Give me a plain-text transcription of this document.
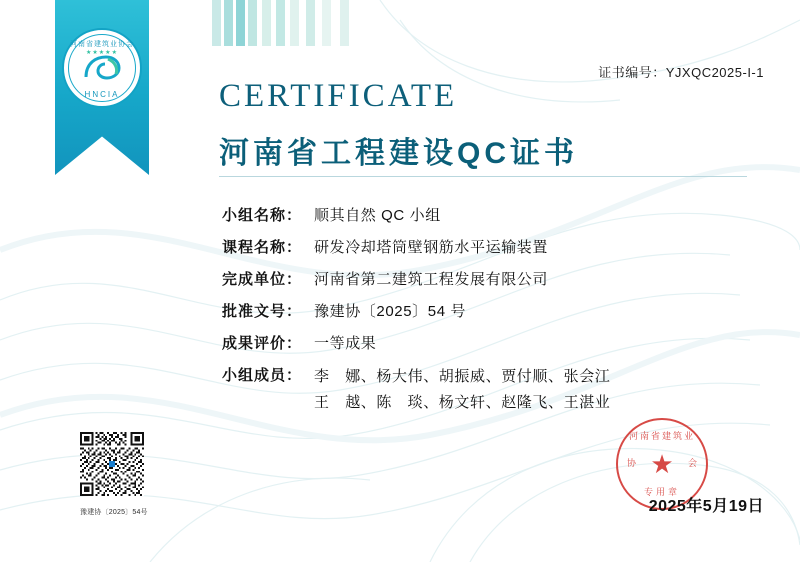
证书编号：YJXQC2025-I-1
河南省建筑业协会
★★★★★
HNCIA	CERTIFICATE
河南省工程建设QC证书
小组名称： 顺其自然 QC 小组
课程名称： 研发冷却塔筒壁钢筋水平运输装置
完成单位： 河南省第二建筑工程发展有限公司
批准文号： 豫建协〔2025〕54 号
成果评价： 一等成果
小组成员： 李　娜、杨大伟、胡振威、贾付顺、张会江
王　越、陈　琰、杨文轩、赵隆飞、王湛业
豫建协〔2025〕54号
河南省建筑业
协	会
★
专用章
2025年5月19日
